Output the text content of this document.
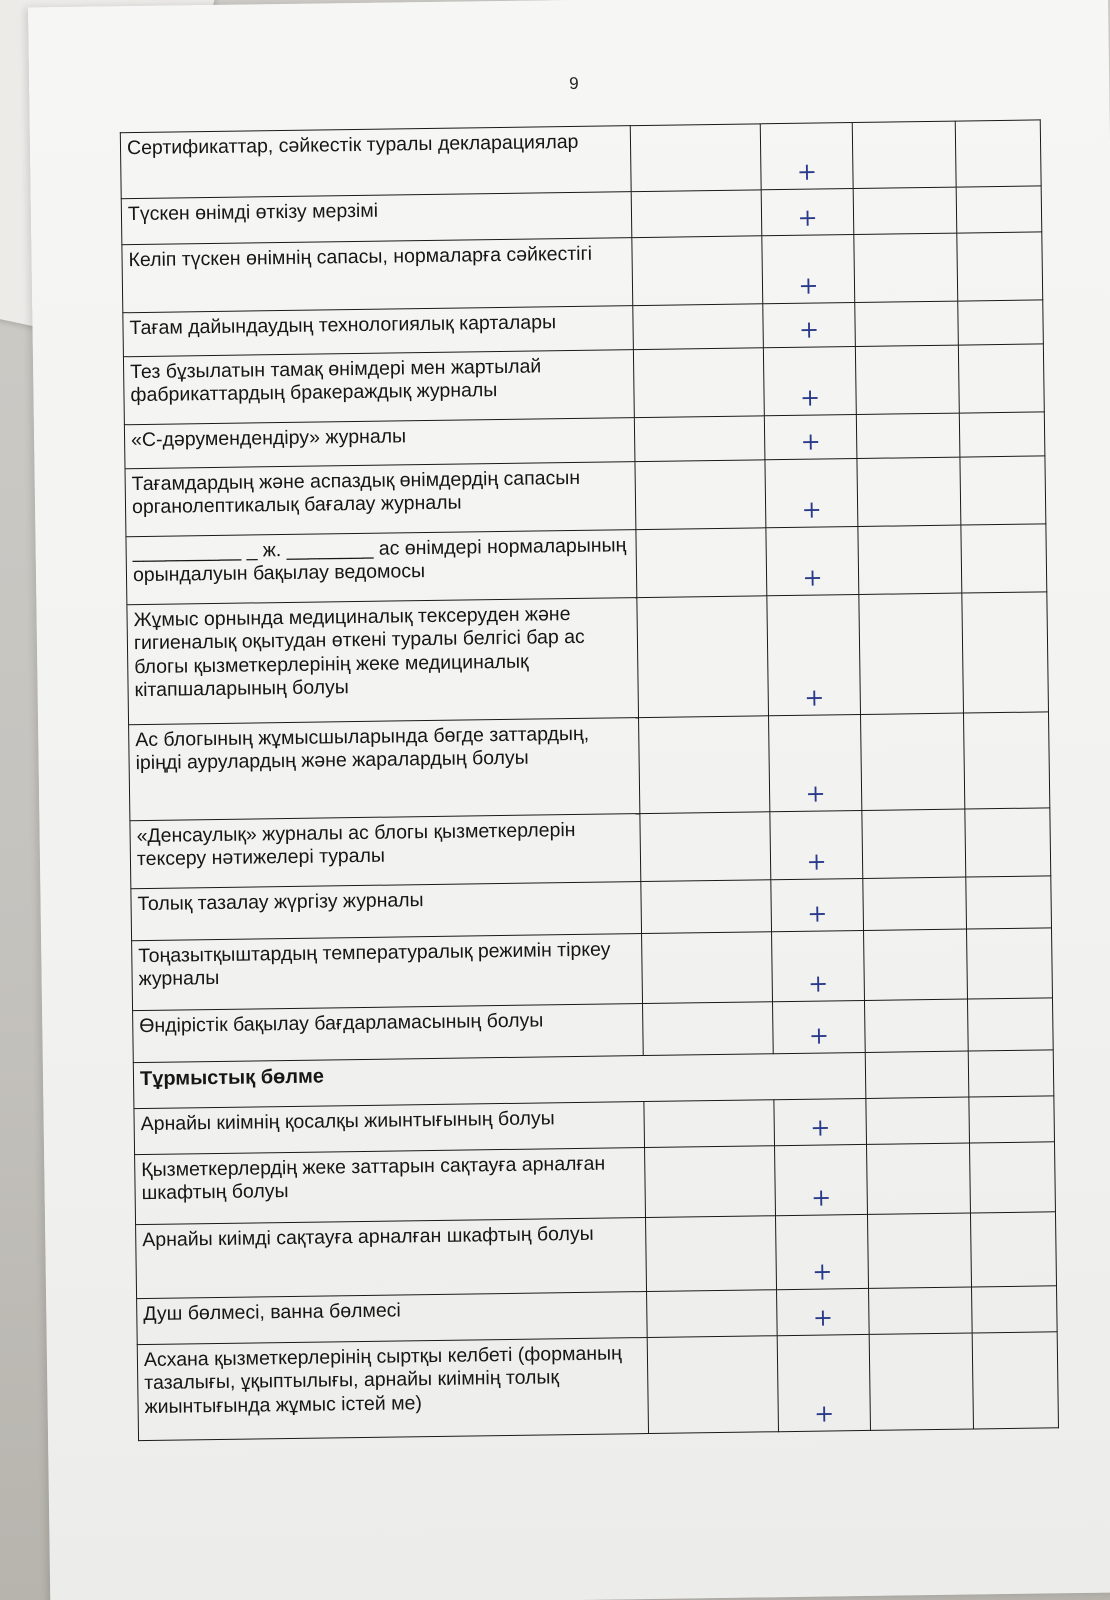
9
Сертификаттар, сәйкестік туралы декларациялар		+		
Түскен өнімді өткізу мерзімі		+		
Келіп түскен өнімнің сапасы, нормаларға сәйкестігі		+		
Тағам дайындаудың технологиялық карталары		+		
Тез бұзылатын тамақ өнімдері мен жартылай фабрикаттардың бракераждық журналы		+		
«С-дәрумендендіру» журналы		+		
Тағамдардың және аспаздық өнімдердің сапасын органолептикалық бағалау журналы		+		
__________ _ ж. ________ ас өнімдері нормаларының орындалуын бақылау ведомосы		+		
Жұмыс орнында медициналық тексеруден және гигиеналық оқытудан өткені туралы белгісі бар ас блогы қызметкерлерінің жеке медициналық кітапшаларының болуы		+		
Ас блогының жұмысшыларында бөгде заттардың, іріңді аурулардың және жаралардың болуы		+		
«Денсаулық» журналы ас блогы қызметкерлерін тексеру нәтижелері туралы		+		
Толық тазалау жүргізу журналы		+		
Тоңазытқыштардың температуралық режимін тіркеу журналы		+		
Өндірістік бақылау бағдарламасының болуы		+		
Тұрмыстық бөлме				
Арнайы киімнің қосалқы жиынтығының болуы		+		
Қызметкерлердің жеке заттарын сақтауға арналған шкафтың болуы		+		
Арнайы киімді сақтауға арналған шкафтың болуы		+		
Душ бөлмесі, ванна бөлмесі		+		
Асхана қызметкерлерінің сыртқы келбеті (форманың тазалығы, ұқыптылығы, арнайы киімнің толық жиынтығында жұмыс істей ме)		+		
